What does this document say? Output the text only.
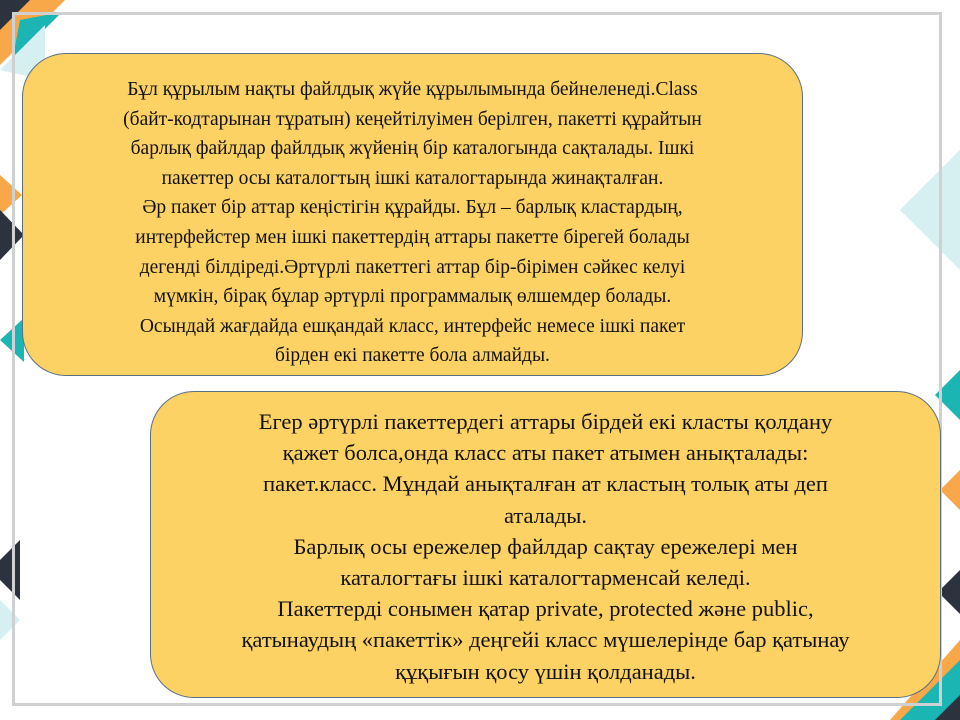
Бұл құрылым нақты файлдық жүйе құрылымында бейнеленеді.Class
(байт-кодтарынан тұратын) кеңейтілуімен берілген, пакетті құрайтын
барлық файлдар файлдық жүйенің бір каталогында сақталады. Ішкі
пакеттер осы каталогтың ішкі каталогтарында жинақталған.
Әр пакет бір аттар кеңістігін құрайды. Бұл – барлық кластардың,
интерфейстер мен ішкі пакеттердің аттары пакетте бірегей болады
дегенді білдіреді.Әртүрлі пакеттегі аттар бір-бірімен сәйкес келуі
мүмкін, бірақ бұлар әртүрлі программалық өлшемдер болады.
Осындай жағдайда ешқандай класс, интерфейс немесе ішкі пакет
бірден екі пакетте бола алмайды.
Егер әртүрлі пакеттердегі аттары бірдей екі класты қолдану
қажет болса,онда класс аты пакет атымен анықталады:
пакет.класс. Мұндай анықталған ат кластың толық аты деп
аталады.
Барлық осы ережелер файлдар сақтау ережелері мен
каталогтағы ішкі каталогтарменсай келеді.
Пакеттерді сонымен қатар private, protected және public,
қатынаудың «пакеттік» деңгейі класс мүшелерінде бар қатынау
құқығын қосу үшін қолданады.
